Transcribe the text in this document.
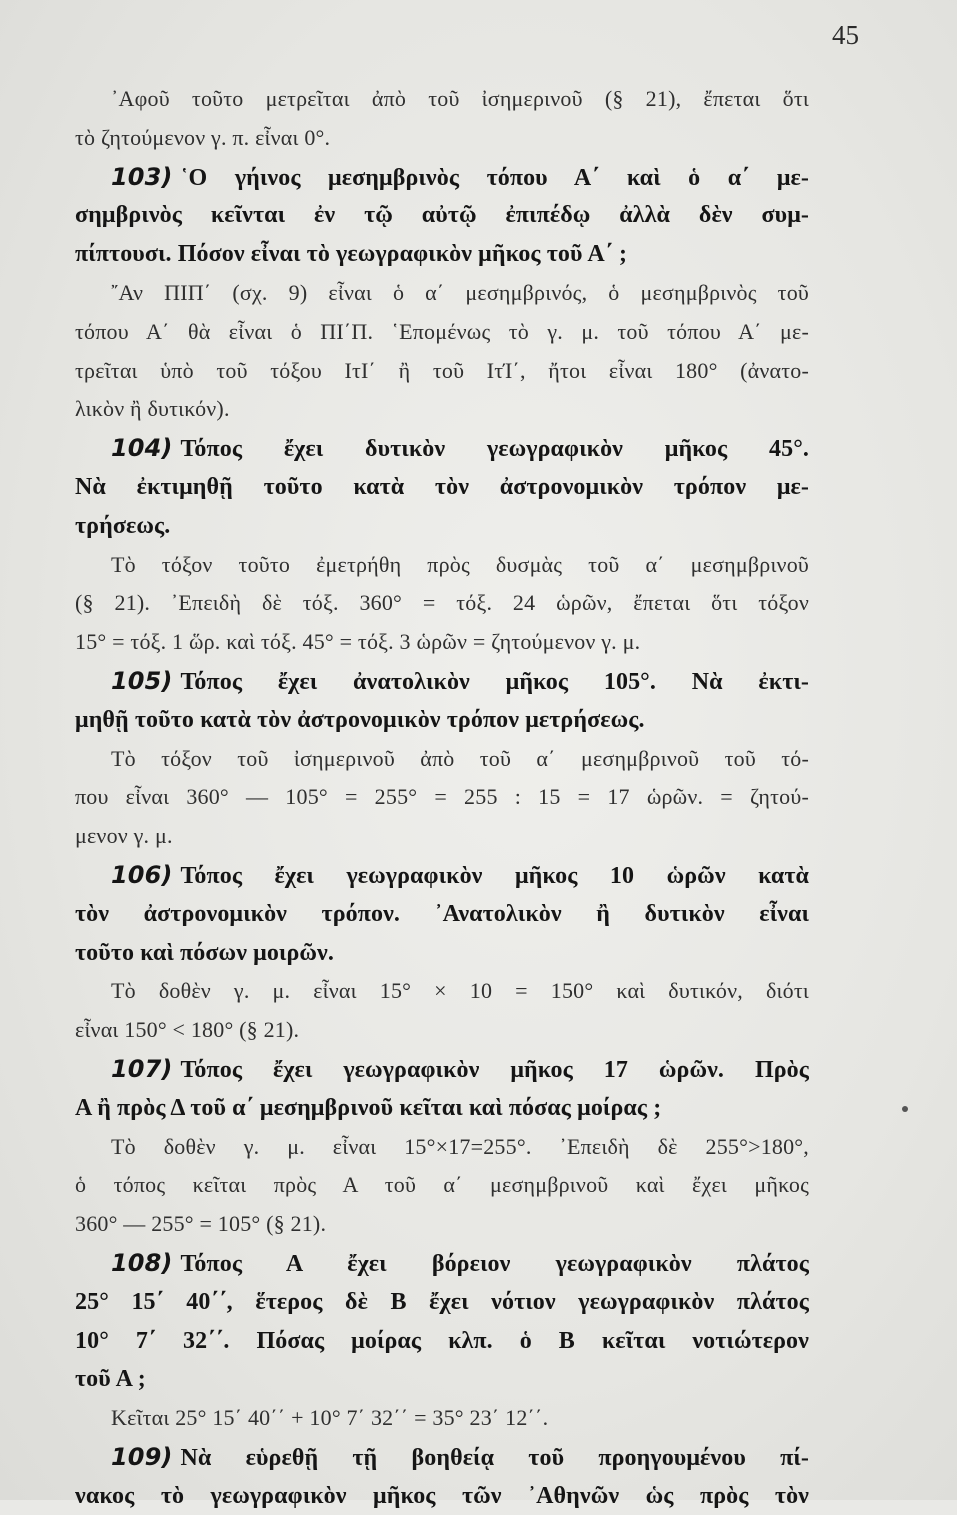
45
᾿Αφοῦ τοῦτο μετρεῖται ἀπὸ τοῦ ἰσημερινοῦ (§ 21), ἔπεται ὅτι
τὸ ζητούμενον γ. π. εἶναι 0°.
103) ῾Ο γήινος μεσημβρινὸς τόπου Α΄ καὶ ὁ α΄ με-
σημβρινὸς κεῖνται ἐν τῷ αὐτῷ ἐπιπέδῳ ἀλλὰ δὲν συμ-
πίπτουσι. Πόσον εἶναι τὸ γεωγραφικὸν μῆκος τοῦ Α΄ ;
῎Αν ΠΙΠ΄ (σχ. 9) εἶναι ὁ α΄ μεσημβρινός, ὁ μεσημβρινὸς τοῦ
τόπου Α΄ θὰ εἶναι ὁ ΠΙ΄Π. ῾Επομένως τὸ γ. μ. τοῦ τόπου Α΄ με-
τρεῖται ὑπὸ τοῦ τόξου ΙτΙ΄ ἢ τοῦ ΙτΊ΄, ἤτοι εἶναι 180° (ἀνατο-
λικὸν ἢ δυτικόν).
104) Τόπος ἔχει δυτικὸν γεωγραφικὸν μῆκος 45°.
Νὰ ἐκτιμηθῇ τοῦτο κατὰ τὸν ἀστρονομικὸν τρόπον με-
τρήσεως.
Τὸ τόξον τοῦτο ἐμετρήθη πρὸς δυσμὰς τοῦ α΄ μεσημβρινοῦ
(§ 21). ᾿Επειδὴ δὲ τόξ. 360° = τόξ. 24 ὡρῶν, ἔπεται ὅτι τόξον
15° = τόξ. 1 ὥρ. καὶ τόξ. 45° = τόξ. 3 ὡρῶν = ζητούμενον γ. μ.
105) Τόπος ἔχει ἀνατολικὸν μῆκος 105°. Νὰ ἐκτι-
μηθῇ τοῦτο κατὰ τὸν ἀστρονομικὸν τρόπον μετρήσεως.
Τὸ τόξον τοῦ ἰσημερινοῦ ἀπὸ τοῦ α΄ μεσημβρινοῦ τοῦ τό-
που εἶναι 360° — 105° = 255° = 255 : 15 = 17 ὡρῶν. = ζητού-
μενον γ. μ.
106) Τόπος ἔχει γεωγραφικὸν μῆκος 10 ὡρῶν κατὰ
τὸν ἀστρονομικὸν τρόπον. ᾿Ανατολικὸν ἢ δυτικὸν εἶναι
τοῦτο καὶ πόσων μοιρῶν.
Τὸ δοθὲν γ. μ. εἶναι 15° × 10 = 150° καὶ δυτικόν, διότι
εἶναι 150° < 180° (§ 21).
107) Τόπος ἔχει γεωγραφικὸν μῆκος 17 ὡρῶν. Πρὸς
Α ἢ πρὸς Δ τοῦ α΄ μεσημβρινοῦ κεῖται καὶ πόσας μοίρας ;
Τὸ δοθὲν γ. μ. εἶναι 15°×17=255°. ᾿Επειδὴ δὲ 255°>180°,
ὁ τόπος κεῖται πρὸς Α τοῦ α΄ μεσημβρινοῦ καὶ ἔχει μῆκος
360° — 255° = 105° (§ 21).
108) Τόπος Α ἔχει βόρειον γεωγραφικὸν πλάτος
25° 15΄ 40΄΄, ἕτερος δὲ Β ἔχει νότιον γεωγραφικὸν πλάτος
10° 7΄ 32΄΄. Πόσας μοίρας κλπ. ὁ Β κεῖται νοτιώτερον
τοῦ Α ;
Κεῖται 25° 15΄ 40΄΄ + 10° 7΄ 32΄΄ = 35° 23΄ 12΄΄.
109) Νὰ εὑρεθῇ τῇ βοηθείᾳ τοῦ προηγουμένου πί-
νακος τὸ γεωγραφικὸν μῆκος τῶν ᾿Αθηνῶν ὡς πρὸς τὸν
